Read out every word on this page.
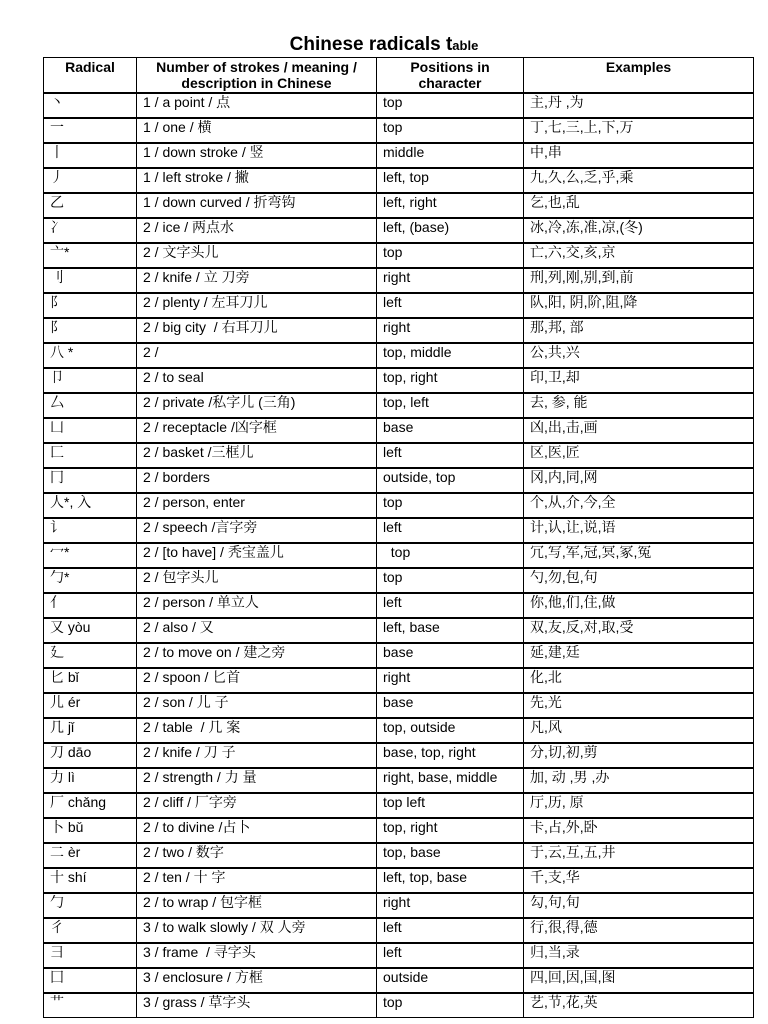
Chinese radicals table
Radical	Number of strokes / meaning / description in Chinese	Positions in character	Examples
丶	1 / a point / 点	top	主,丹 ,为
一	1 / one / 横	top	丁,七,三,上,下,万
丨	1 / down stroke / 竖	middle	中,串
丿	1 / left stroke / 撇	left, top	九,久,么,乏,乎,乘
乙	1 / down curved / 折弯钩	left, right	乞,也,乱
冫	2 / ice / 两点水	left, (base)	冰,冷,冻,准,凉,(冬)
亠*	2 / 文字头儿	top	亡,六,交,亥,京
刂	2 / knife / 立 刀旁	right	刑,列,刚,别,到,前
阝	2 / plenty / 左耳刀儿	left	队,阳, 阴,阶,阻,降
阝	2 / big city  / 右耳刀儿	right	那,邦, 部
八 *	2 /	top, middle	公,共,兴
卩	2 / to seal	top, right	印,卫,却
厶	2 / private /私字儿 (三角)	top, left	去, 参, 能
凵	2 / receptacle /凶字框	base	凶,出,击,画
匚	2 / basket /三框儿	left	区,医,匠
冂	2 / borders	outside, top	冈,内,同,网
人*, 入	2 / person, enter	top	个,从,介,今,全
讠	2 / speech /言字旁	left	计,认,让,说,语
冖*	2 / [to have] / 秃宝盖儿	top	冗,写,军,冠,冥,冢,冤
勹*	2 / 包字头儿	top	勺,勿,包,句
亻	2 / person / 单立人	left	你,他,们,住,做
又 yòu	2 / also / 又	left, base	双,友,反,对,取,受
廴	2 / to move on / 建之旁	base	延,建,廷
匕 bǐ	2 / spoon / 匕首	right	化,北
儿 ér	2 / son / 儿 子	base	先,光
几 jǐ	2 / table  / 几 案	top, outside	凡,风
刀 dāo	2 / knife / 刀 子	base, top, right	分,切,初,剪
力 lì	2 / strength / 力 量	right, base, middle	加, 动 ,男 ,办
厂 chǎng	2 / cliff / 厂字旁	top left	厅,历, 原
卜 bǔ	2 / to divine /占卜	top, right	卡,占,外,卧
二 èr	2 / two / 数字	top, base	于,云,互,五,井
十 shí	2 / ten / 十 字	left, top, base	千,支,华
勹	2 / to wrap / 包字框	right	勾,句,旬
彳	3 / to walk slowly / 双 人旁	left	行,很,得,德
彐	3 / frame  / 寻字头	left	归,当,录
囗	3 / enclosure / 方框	outside	四,回,因,国,图
艹	3 / grass / 草字头	top	艺,节,花,英
